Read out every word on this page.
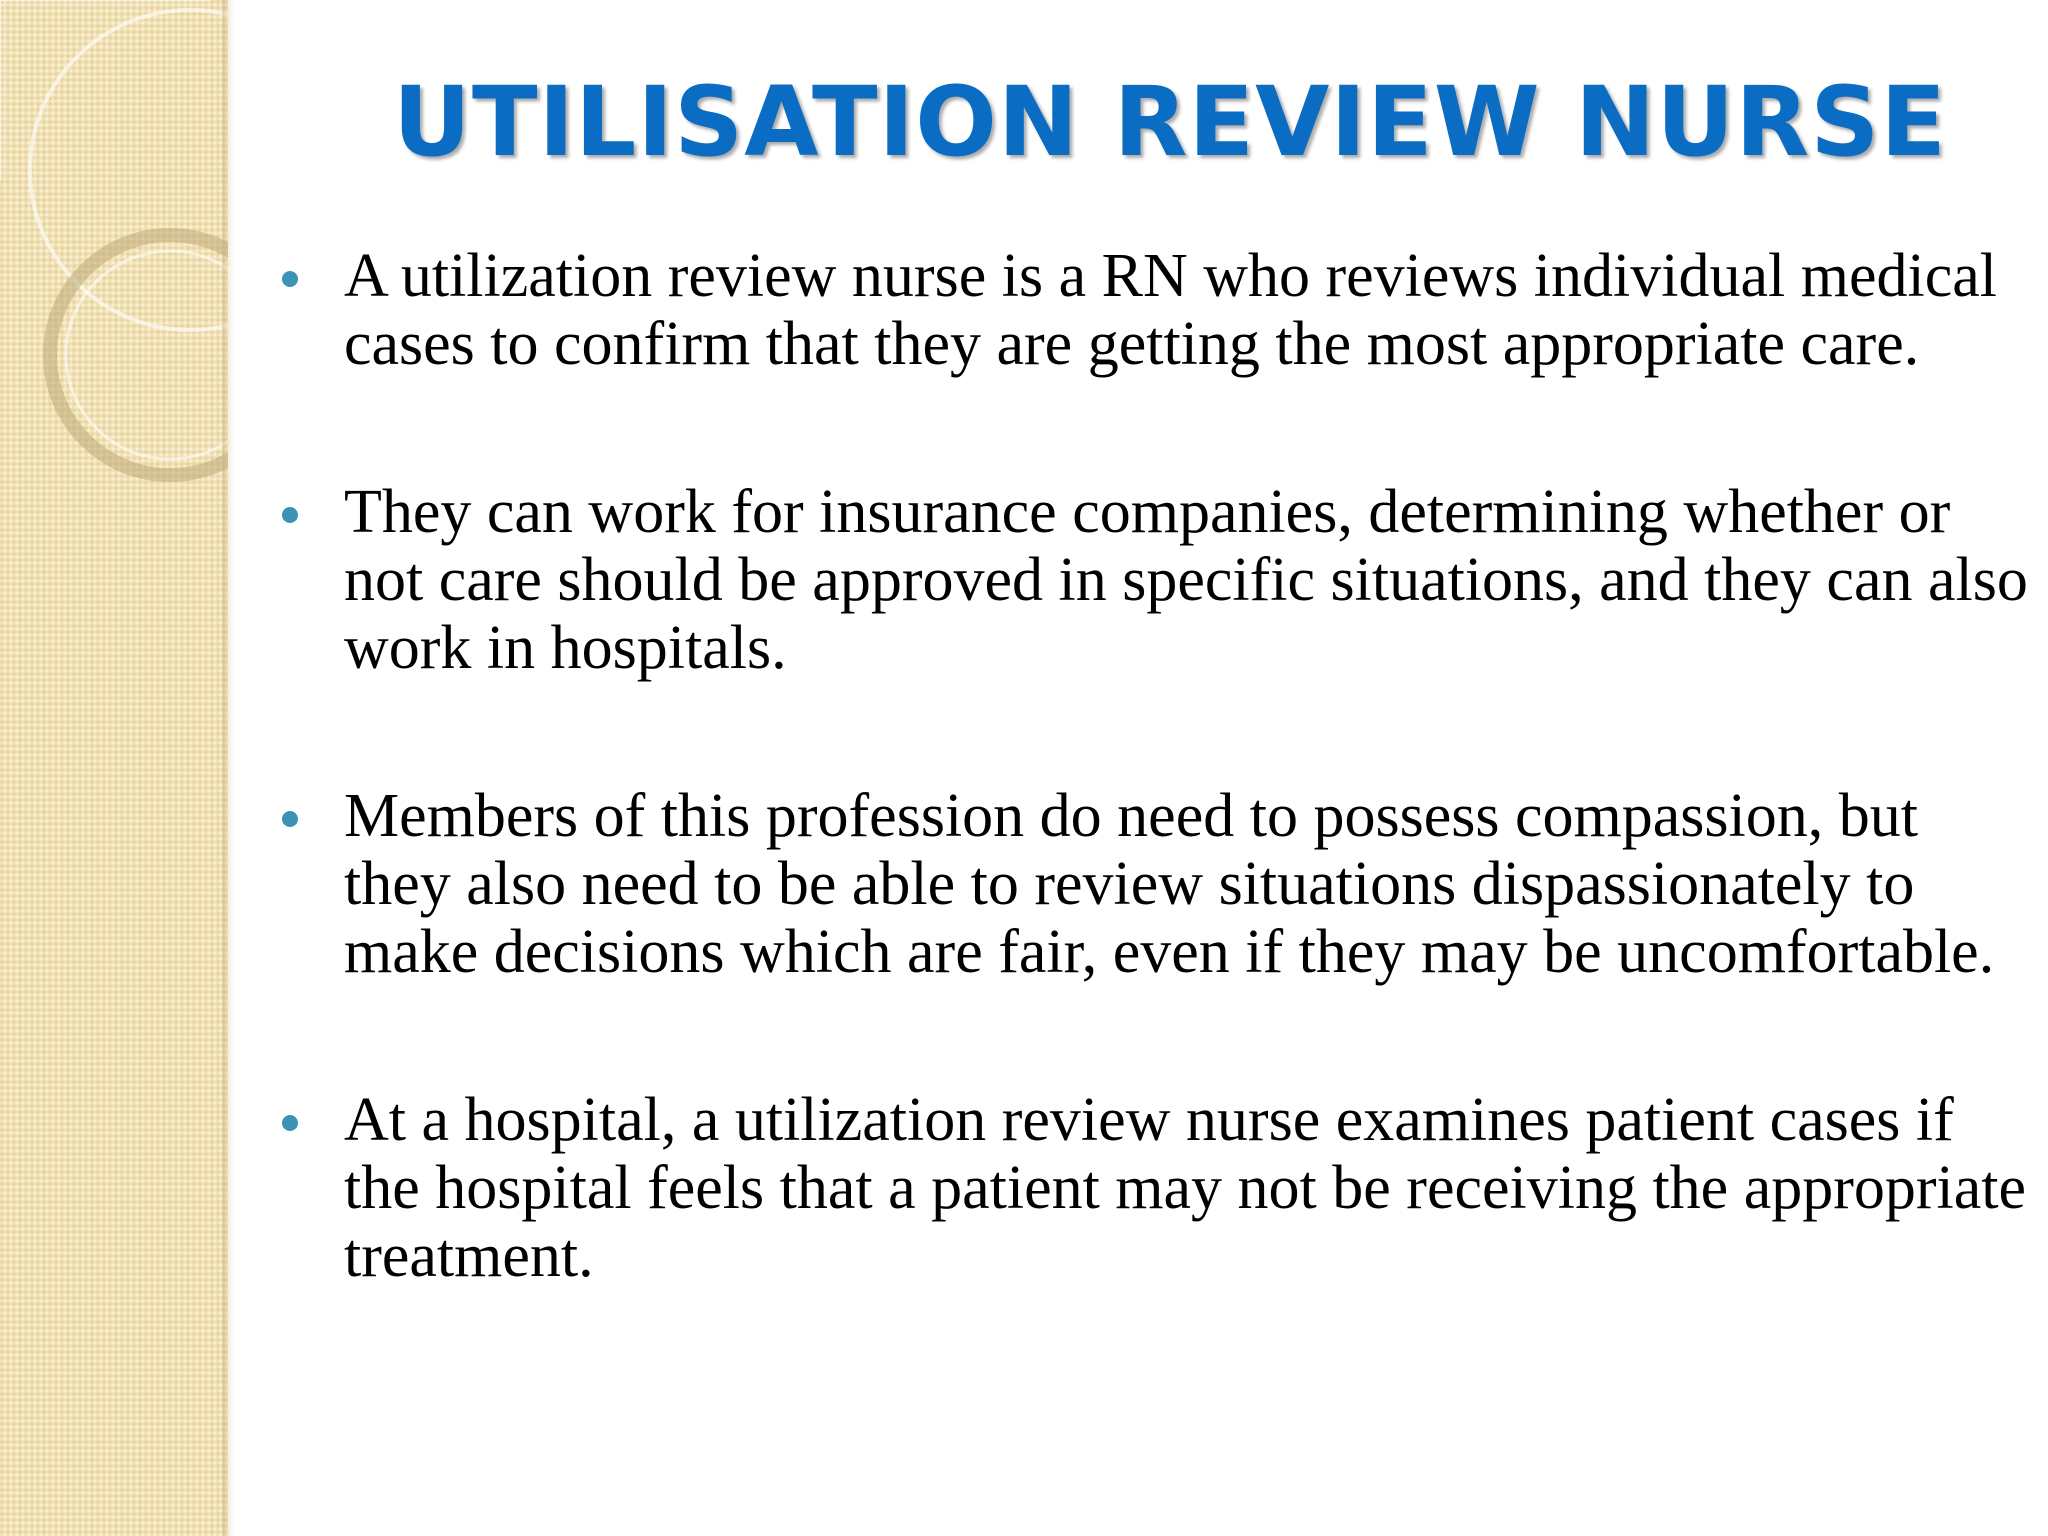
UTILISATION REVIEW NURSE
A utilization review nurse is a RN who reviews individual medical cases to confirm that they are getting the most appropriate care.
They can work for insurance companies, determining whether or not care should be approved in specific situations, and they can also work in hospitals.
Members of this profession do need to possess compassion, but they also need to be able to review situations dispassionately to make decisions which are fair, even if they may be uncomfortable.
At a hospital, a utilization review nurse examines patient cases if the hospital feels that a patient may not be receiving the appropriate treatment.
